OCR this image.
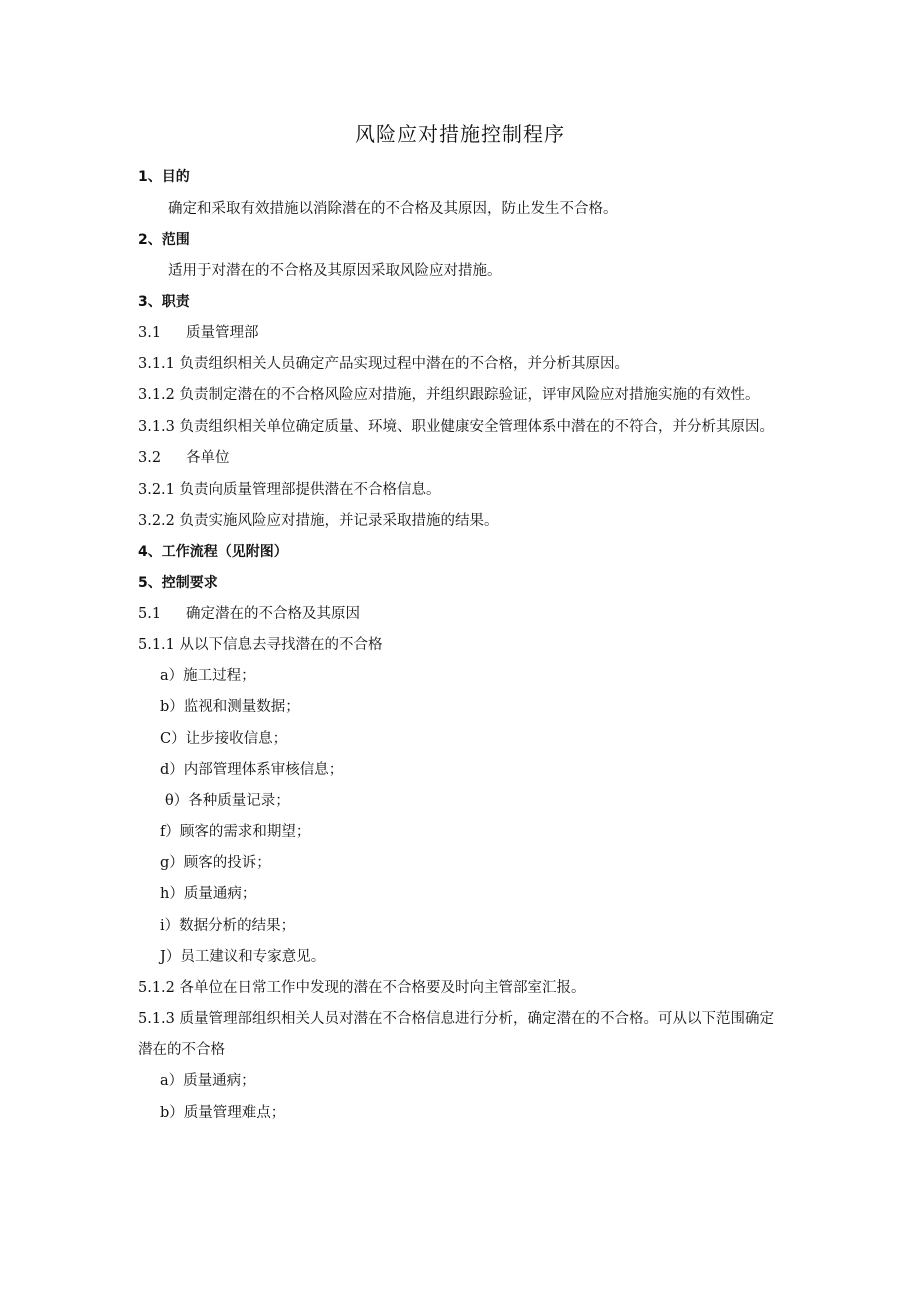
风险应对措施控制程序
1、目的
确定和采取有效措施以消除潜在的不合格及其原因，防止发生不合格。
2、范围
适用于对潜在的不合格及其原因采取风险应对措施。
3、职责
3.1 质量管理部
3.1.1 负责组织相关人员确定产品实现过程中潜在的不合格，并分析其原因。
3.1.2 负责制定潜在的不合格风险应对措施，并组织跟踪验证，评审风险应对措施实施的有效性。
3.1.3 负责组织相关单位确定质量、环境、职业健康安全管理体系中潜在的不符合，并分析其原因。
3.2 各单位
3.2.1 负责向质量管理部提供潜在不合格信息。
3.2.2 负责实施风险应对措施，并记录采取措施的结果。
4、工作流程（见附图）
5、控制要求
5.1 确定潜在的不合格及其原因
5.1.1 从以下信息去寻找潜在的不合格
a）施工过程；
b）监视和测量数据；
C）让步接收信息；
d）内部管理体系审核信息；
θ）各种质量记录；
f）顾客的需求和期望；
g）顾客的投诉；
h）质量通病；
i）数据分析的结果；
J）员工建议和专家意见。
5.1.2 各单位在日常工作中发现的潜在不合格要及时向主管部室汇报。
5.1.3 质量管理部组织相关人员对潜在不合格信息进行分析，确定潜在的不合格。可从以下范围确定
潜在的不合格
a）质量通病；
b）质量管理难点；
